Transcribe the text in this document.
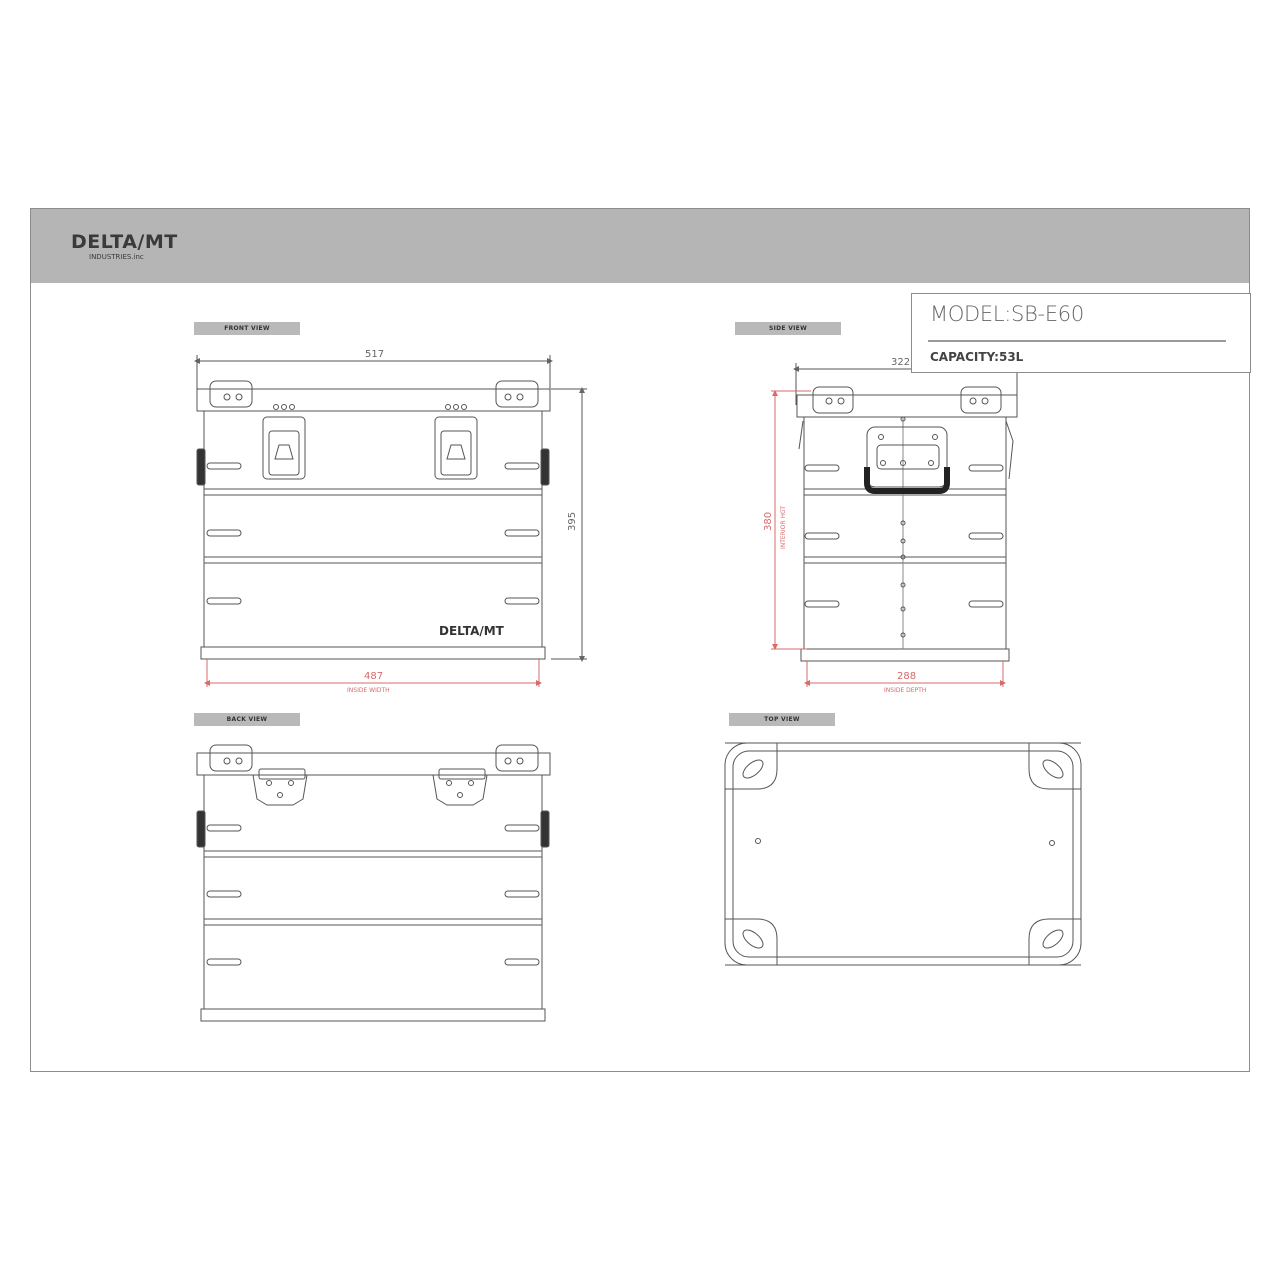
DELTA/MT
INDUSTRIES.inc
FRONT VIEW	SIDE VIEW
BACK VIEW	TOP VIEW
517
395
DELTA/MT
487
INSIDE WIDTH
322
380 INTERIOR HGT
288
INSIDE DEPTH
MODEL:SB-E60
CAPACITY:53L
